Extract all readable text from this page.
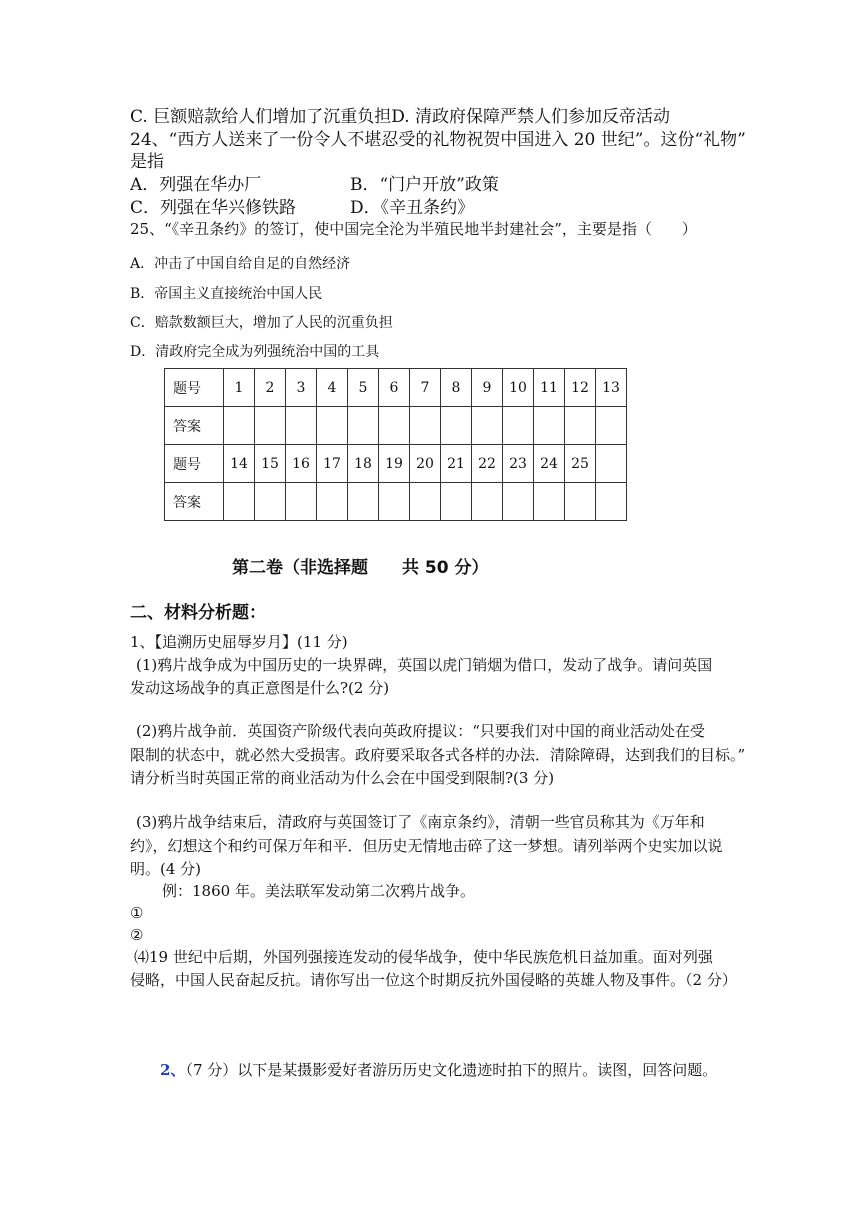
C. 巨额赔款给人们增加了沉重负担D. 清政府保障严禁人们参加反帝活动
24、“西方人送来了一份令人不堪忍受的礼物祝贺中国进入 20 世纪”。这份“礼物”
是指
A．列强在华办厂	B．“门户开放”政策
C．列强在华兴修铁路	D．《辛丑条约》
25、“《辛丑条约》的签订，使中国完全沦为半殖民地半封建社会”，主要是指（　　）
A．冲击了中国自给自足的自然经济
B．帝国主义直接统治中国人民
C．赔款数额巨大，增加了人民的沉重负担
D．清政府完全成为列强统治中国的工具
题号	1	2	3	4	5	6	7	8	9	10	11	12	13
答案													
题号	14	15	16	17	18	19	20	21	22	23	24	25	
答案													
第二卷（非选择题　　共 50 分）
二、材料分析题：
1、【追溯历史屈辱岁月】(11 分)
(1)鸦片战争成为中国历史的一块界碑，英国以虎门销烟为借口，发动了战争。请问英国
发动这场战争的真正意图是什么?(2 分)
(2)鸦片战争前．英国资产阶级代表向英政府提议：“只要我们对中国的商业活动处在受
限制的状态中，就必然大受损害。政府要采取各式各样的办法．清除障碍，达到我们的目标。”
请分析当时英国正常的商业活动为什么会在中国受到限制?(3 分)
(3)鸦片战争结束后，清政府与英国签订了《南京条约》，清朝一些官员称其为《万年和
约》，幻想这个和约可保万年和平．但历史无情地击碎了这一梦想。请列举两个史实加以说
明。(4 分)
例：1860 年。美法联军发动第二次鸦片战争。
①
②
⑷19 世纪中后期，外国列强接连发动的侵华战争，使中华民族危机日益加重。面对列强
侵略，中国人民奋起反抗。请你写出一位这个时期反抗外国侵略的英雄人物及事件。（2 分）
2、（7 分）以下是某摄影爱好者游历历史文化遗迹时拍下的照片。读图，回答问题。
